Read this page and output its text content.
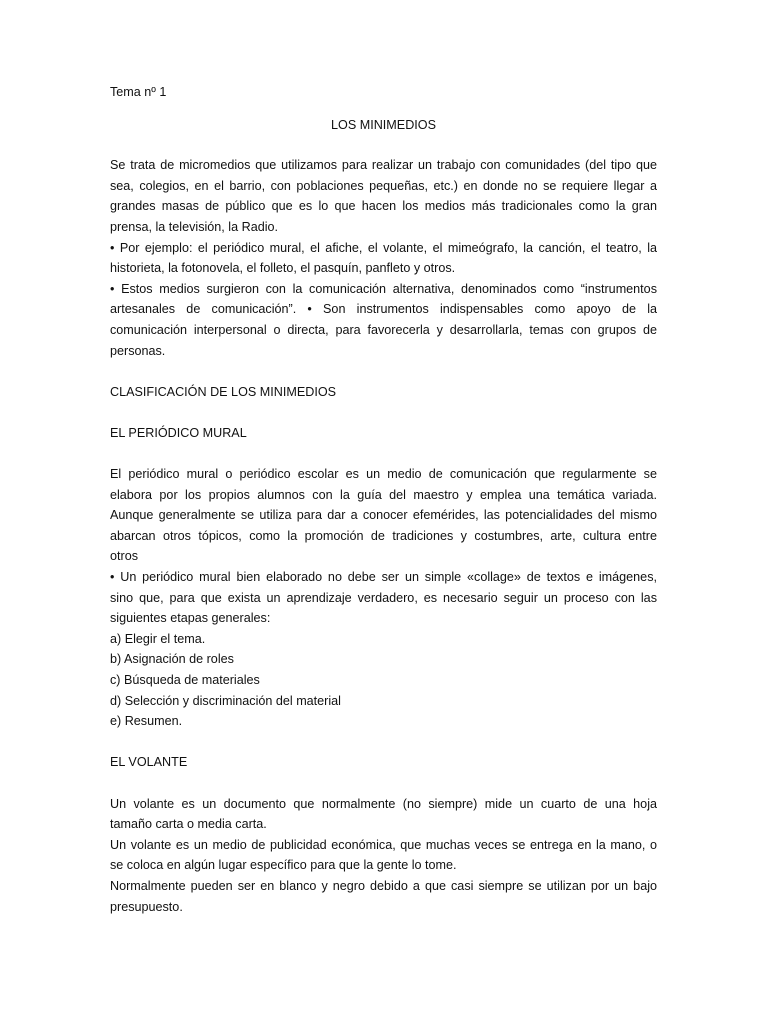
Tema nº 1
LOS MINIMEDIOS
Se trata de micromedios que utilizamos para realizar un trabajo con comunidades (del tipo que
sea, colegios, en el barrio, con poblaciones pequeñas, etc.) en donde no se requiere llegar a
grandes masas de público que es lo que hacen los medios más tradicionales como la gran
prensa, la televisión, la Radio.
• Por ejemplo: el periódico mural, el afiche, el volante, el mimeógrafo, la canción, el teatro, la
historieta, la fotonovela, el folleto, el pasquín, panfleto y otros.
• Estos medios surgieron con la comunicación alternativa, denominados como “instrumentos
artesanales de comunicación”. • Son instrumentos indispensables como apoyo de la
comunicación interpersonal o directa, para favorecerla y desarrollarla, temas con grupos de
personas.
CLASIFICACIÓN DE LOS MINIMEDIOS
EL PERIÓDICO MURAL
El periódico mural o periódico escolar es un medio de comunicación que regularmente se
elabora por los propios alumnos con la guía del maestro y emplea una temática variada.
Aunque generalmente se utiliza para dar a conocer efemérides, las potencialidades del mismo
abarcan otros tópicos, como la promoción de tradiciones y costumbres, arte, cultura entre
otros
• Un periódico mural bien elaborado no debe ser un simple «collage» de textos e imágenes,
sino que, para que exista un aprendizaje verdadero, es necesario seguir un proceso con las
siguientes etapas generales:
a) Elegir el tema.
b) Asignación de roles
c) Búsqueda de materiales
d) Selección y discriminación del material
e) Resumen.
EL VOLANTE
Un volante es un documento que normalmente (no siempre) mide un cuarto de una hoja
tamaño carta o media carta.
Un volante es un medio de publicidad económica, que muchas veces se entrega en la mano, o
se coloca en algún lugar específico para que la gente lo tome.
Normalmente pueden ser en blanco y negro debido a que casi siempre se utilizan por un bajo
presupuesto.
